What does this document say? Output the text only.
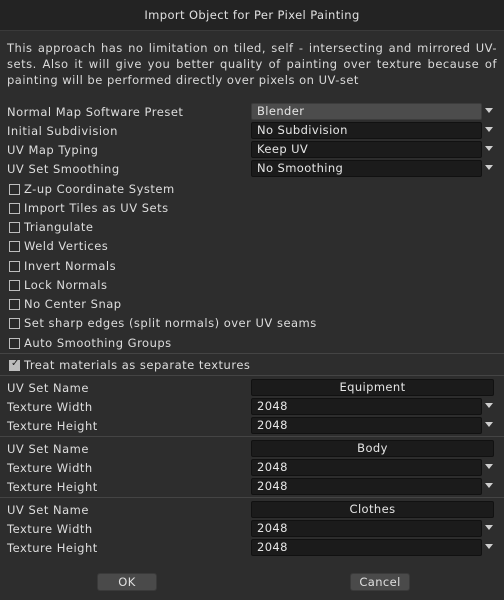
Import Object for Per Pixel Painting
This approach has no limitation on tiled, self - intersecting and mirrored UV-sets. Also it will give you better quality of painting over texture because of painting will be performed directly over pixels on UV-set
Normal Map Software Preset	Blender
Initial Subdivision	No Subdivision
UV Map Typing	Keep UV
UV Set Smoothing	No Smoothing
Z-up Coordinate System
Import Tiles as UV Sets
Triangulate
Weld Vertices
Invert Normals
Lock Normals
No Center Snap
Set sharp edges (split normals) over UV seams
Auto Smoothing Groups
✓ Treat materials as separate textures
UV Set Name	Equipment
Texture Width	2048
Texture Height	2048
UV Set Name	Body
Texture Width	2048
Texture Height	2048
UV Set Name	Clothes
Texture Width	2048
Texture Height	2048
OK	Cancel
